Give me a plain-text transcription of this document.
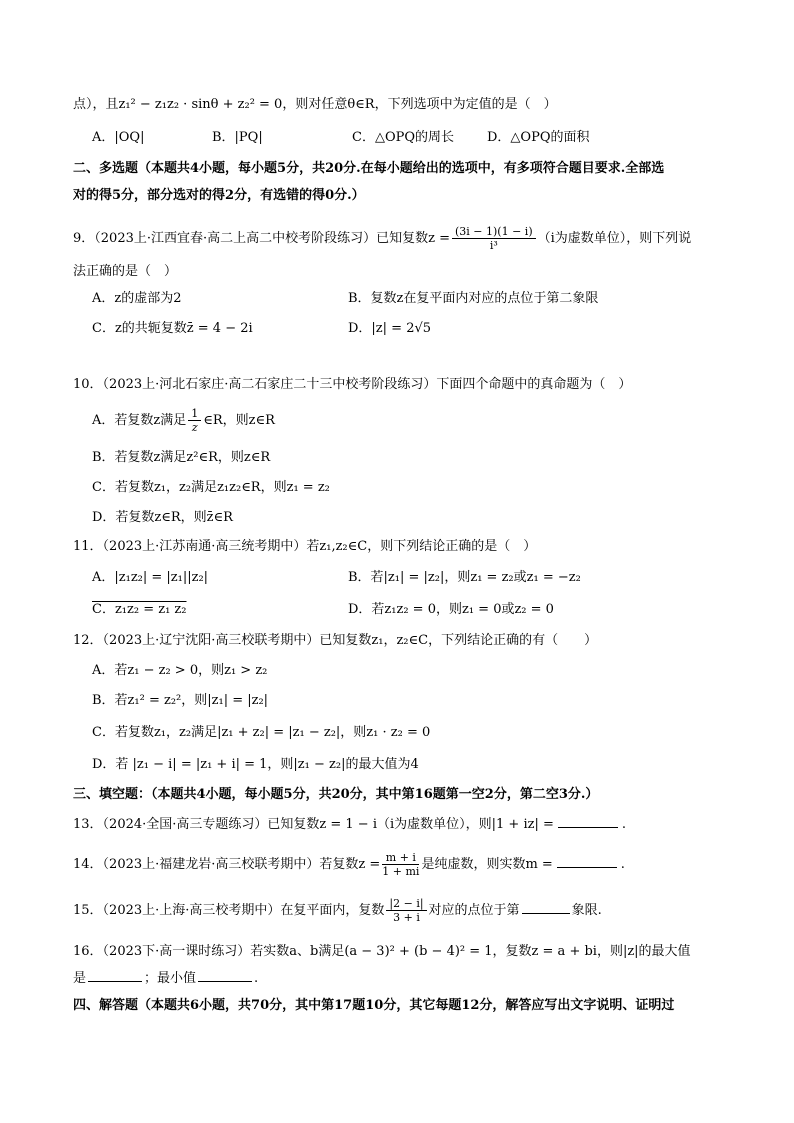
点），且z₁² − z₁z₂ · sinθ + z₂² = 0，则对任意θ∈R，下列选项中为定值的是（　）
A．|OQ|	B．|PQ|	C．△OPQ的周长	D．△OPQ的面积
二、多选题（本题共4小题，每小题5分，共20分.在每小题给出的选项中，有多项符合题目要求.全部选
对的得5分，部分选对的得2分，有选错的得0分.）
9．（2023上·江西宜春·高二上高二中校考阶段练习）已知复数$z = \frac{(3i - 1)(1 - i)}{\text{i³}} (i$为虚数单位），则下列说
法正确的是（　）
A．z的虚部为2	B．复数z在复平面内对应的点位于第二象限
C．z的共轭复数z̄ = 4 − 2i	D．|z| = 2√5
10．（2023上·河北石家庄·高二石家庄二十三中校考阶段练习）下面四个命题中的真命题为（　）
A．若复数z满足 $\frac{1}{z}$ ∈R，则z∈R
B．若复数z满足z²∈R，则z∈R
C．若复数z₁，z₂满足z₁z₂∈R，则z₁ = z₂
D．若复数z∈R，则z̄∈R
11．（2023上·江苏南通·高三统考期中）若z₁,z₂∈C，则下列结论正确的是（　）
A．|z₁z₂| = |z₁||z₂|	B．若|z₁| = |z₂|，则z₁ = z₂或z₁ = −z₂
C．z₁z₂ = z₁ z₂	D．若z₁z₂ = 0，则z₁ = 0或z₂ = 0
12．（2023上·辽宁沈阳·高三校联考期中）已知复数z₁，z₂∈C，下列结论正确的有（　　）
A．若z₁ − z₂ > 0，则z₁ > z₂
B．若z₁² = z₂²，则|z₁| = |z₂|
C．若复数z₁，z₂满足|z₁ + z₂| = |z₁ − z₂|，则z₁ · z₂ = 0
D．若 |z₁ − i| = |z₁ + i| = 1，则|z₁ − z₂|的最大值为4
三、填空题：（本题共4小题，每小题5分，共20分，其中第16题第一空2分，第二空3分.）
13．（2024·全国·高三专题练习）已知复数z = 1 − i（i为虚数单位），则|1 + iz| =	.
14．（2023上·福建龙岩·高三校联考期中）若复数$z = \frac{m + i}{1 + mi}$ 是纯虚数，则实数m =	.
15．（2023上·上海·高三校考期中）在复平面内，复数 $\frac{|2 - i|}{3 + i}$ 对应的点位于第	象限.
16．（2023下·高一课时练习）若实数a、b满足(a − 3)² + (b − 4)² = 1，复数z = a + bi，则|z|的最大值
是	；最小值	.
四、解答题（本题共6小题，共70分，其中第17题10分，其它每题12分，解答应写出文字说明、证明过
